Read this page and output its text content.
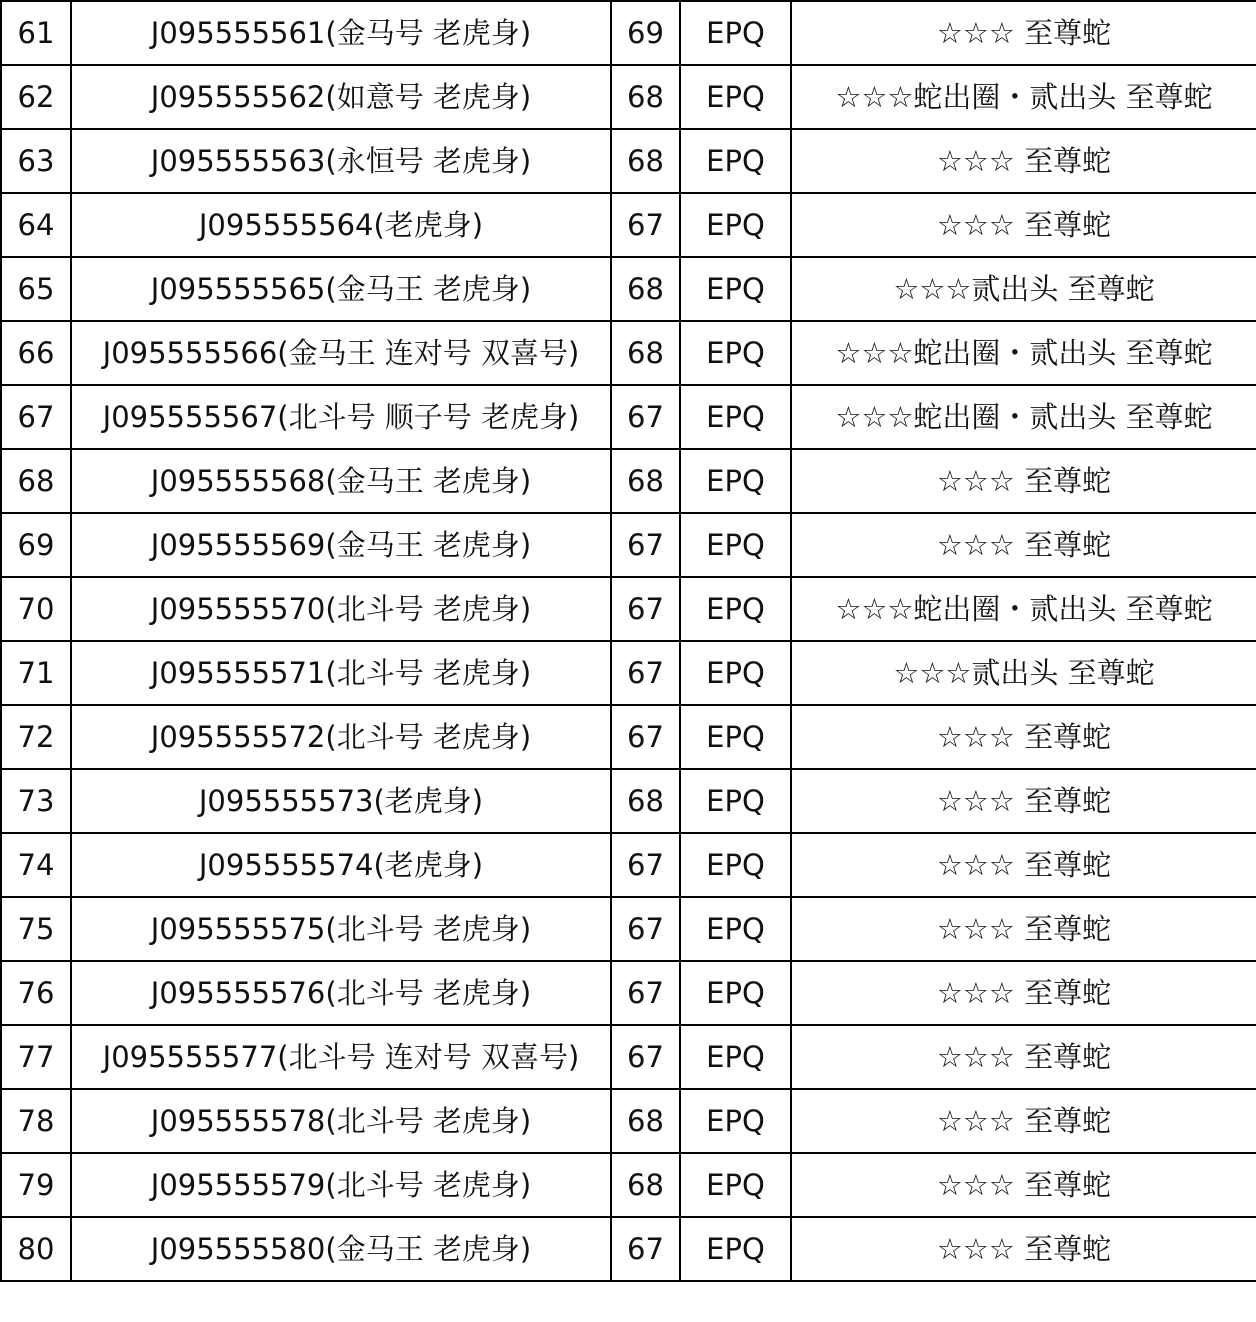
61	J095555561(金马号 老虎身)	69	EPQ	☆☆☆ 至尊蛇
62	J095555562(如意号 老虎身)	68	EPQ	☆☆☆蛇出圈・贰出头 至尊蛇
63	J095555563(永恒号 老虎身)	68	EPQ	☆☆☆ 至尊蛇
64	J095555564(老虎身)	67	EPQ	☆☆☆ 至尊蛇
65	J095555565(金马王 老虎身)	68	EPQ	☆☆☆贰出头 至尊蛇
66	J095555566(金马王 连对号 双喜号)	68	EPQ	☆☆☆蛇出圈・贰出头 至尊蛇
67	J095555567(北斗号 顺子号 老虎身)	67	EPQ	☆☆☆蛇出圈・贰出头 至尊蛇
68	J095555568(金马王 老虎身)	68	EPQ	☆☆☆ 至尊蛇
69	J095555569(金马王 老虎身)	67	EPQ	☆☆☆ 至尊蛇
70	J095555570(北斗号 老虎身)	67	EPQ	☆☆☆蛇出圈・贰出头 至尊蛇
71	J095555571(北斗号 老虎身)	67	EPQ	☆☆☆贰出头 至尊蛇
72	J095555572(北斗号 老虎身)	67	EPQ	☆☆☆ 至尊蛇
73	J095555573(老虎身)	68	EPQ	☆☆☆ 至尊蛇
74	J095555574(老虎身)	67	EPQ	☆☆☆ 至尊蛇
75	J095555575(北斗号 老虎身)	67	EPQ	☆☆☆ 至尊蛇
76	J095555576(北斗号 老虎身)	67	EPQ	☆☆☆ 至尊蛇
77	J095555577(北斗号 连对号 双喜号)	67	EPQ	☆☆☆ 至尊蛇
78	J095555578(北斗号 老虎身)	68	EPQ	☆☆☆ 至尊蛇
79	J095555579(北斗号 老虎身)	68	EPQ	☆☆☆ 至尊蛇
80	J095555580(金马王 老虎身)	67	EPQ	☆☆☆ 至尊蛇
